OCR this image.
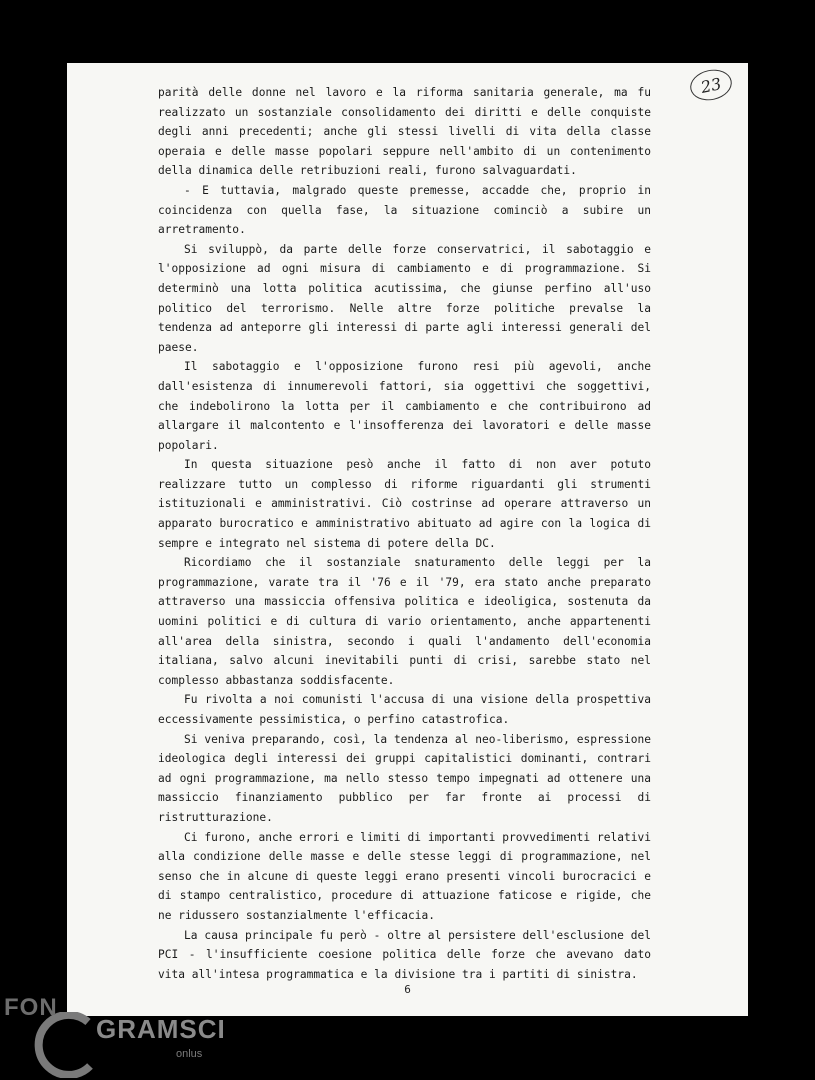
23

parità delle donne nel lavoro e la riforma sanitaria generale, ma fu realizzato un sostanziale consolidamento dei diritti e delle conquiste degli anni precedenti; anche gli stessi livelli di vita della classe operaia e delle masse popolari seppure nell'ambito di un contenimento della dinamica delle retribuzioni reali, furono salvaguardati.

- E tuttavia, malgrado queste premesse, accadde che, proprio in coincidenza con quella fase, la situazione cominciò a subire un arretramento.

Si sviluppò, da parte delle forze conservatrici, il sabotaggio e l'opposizione ad ogni misura di cambiamento e di programmazione. Si determinò una lotta politica acutissima, che giunse perfino all'uso politico del terrorismo. Nelle altre forze politiche prevalse la tendenza ad anteporre gli interessi di parte agli interessi generali del paese.

Il sabotaggio e l'opposizione furono resi più agevoli, anche dall'esistenza di innumerevoli fattori, sia oggettivi che soggettivi, che indebolirono la lotta per il cambiamento e che contribuirono ad allargare il malcontento e l'insofferenza dei lavoratori e delle masse popolari.

In questa situazione pesò anche il fatto di non aver potuto realizzare tutto un complesso di riforme riguardanti gli strumenti istituzionali e amministrativi. Ciò costrinse ad operare attraverso un apparato burocratico e amministrativo abituato ad agire con la logica di sempre e integrato nel sistema di potere della DC.

Ricordiamo che il sostanziale snaturamento delle leggi per la programmazione, varate tra il '76 e il '79, era stato anche preparato attraverso una massiccia offensiva politica e ideoligica, sostenuta da uomini politici e di cultura di vario orientamento, anche appartenenti all'area della sinistra, secondo i quali l'andamento dell'economia italiana, salvo alcuni inevitabili punti di crisi, sarebbe stato nel complesso abbastanza soddisfacente.

Fu rivolta a noi comunisti l'accusa di una visione della prospettiva eccessivamente pessimistica, o perfino catastrofica.

Si veniva preparando, così, la tendenza al neo-liberismo, espressione ideologica degli interessi dei gruppi capitalistici dominanti, contrari ad ogni programmazione, ma nello stesso tempo impegnati ad ottenere una massiccio finanziamento pubblico per far fronte ai processi di ristrutturazione.

Ci furono, anche errori e limiti di importanti provvedimenti relativi alla condizione delle masse e delle stesse leggi di programmazione, nel senso che in alcune di queste leggi erano presenti vincoli burocracici e di stampo centralistico, procedure di attuazione faticose e rigide, che ne ridussero sostanzialmente l'efficacia.

La causa principale fu però - oltre al persistere dell'esclusione del PCI - l'insufficiente coesione politica delle forze che avevano dato vita all'intesa programmatica e la divisione tra i partiti di sinistra.

6
FON
GRAMSCI
onlus
